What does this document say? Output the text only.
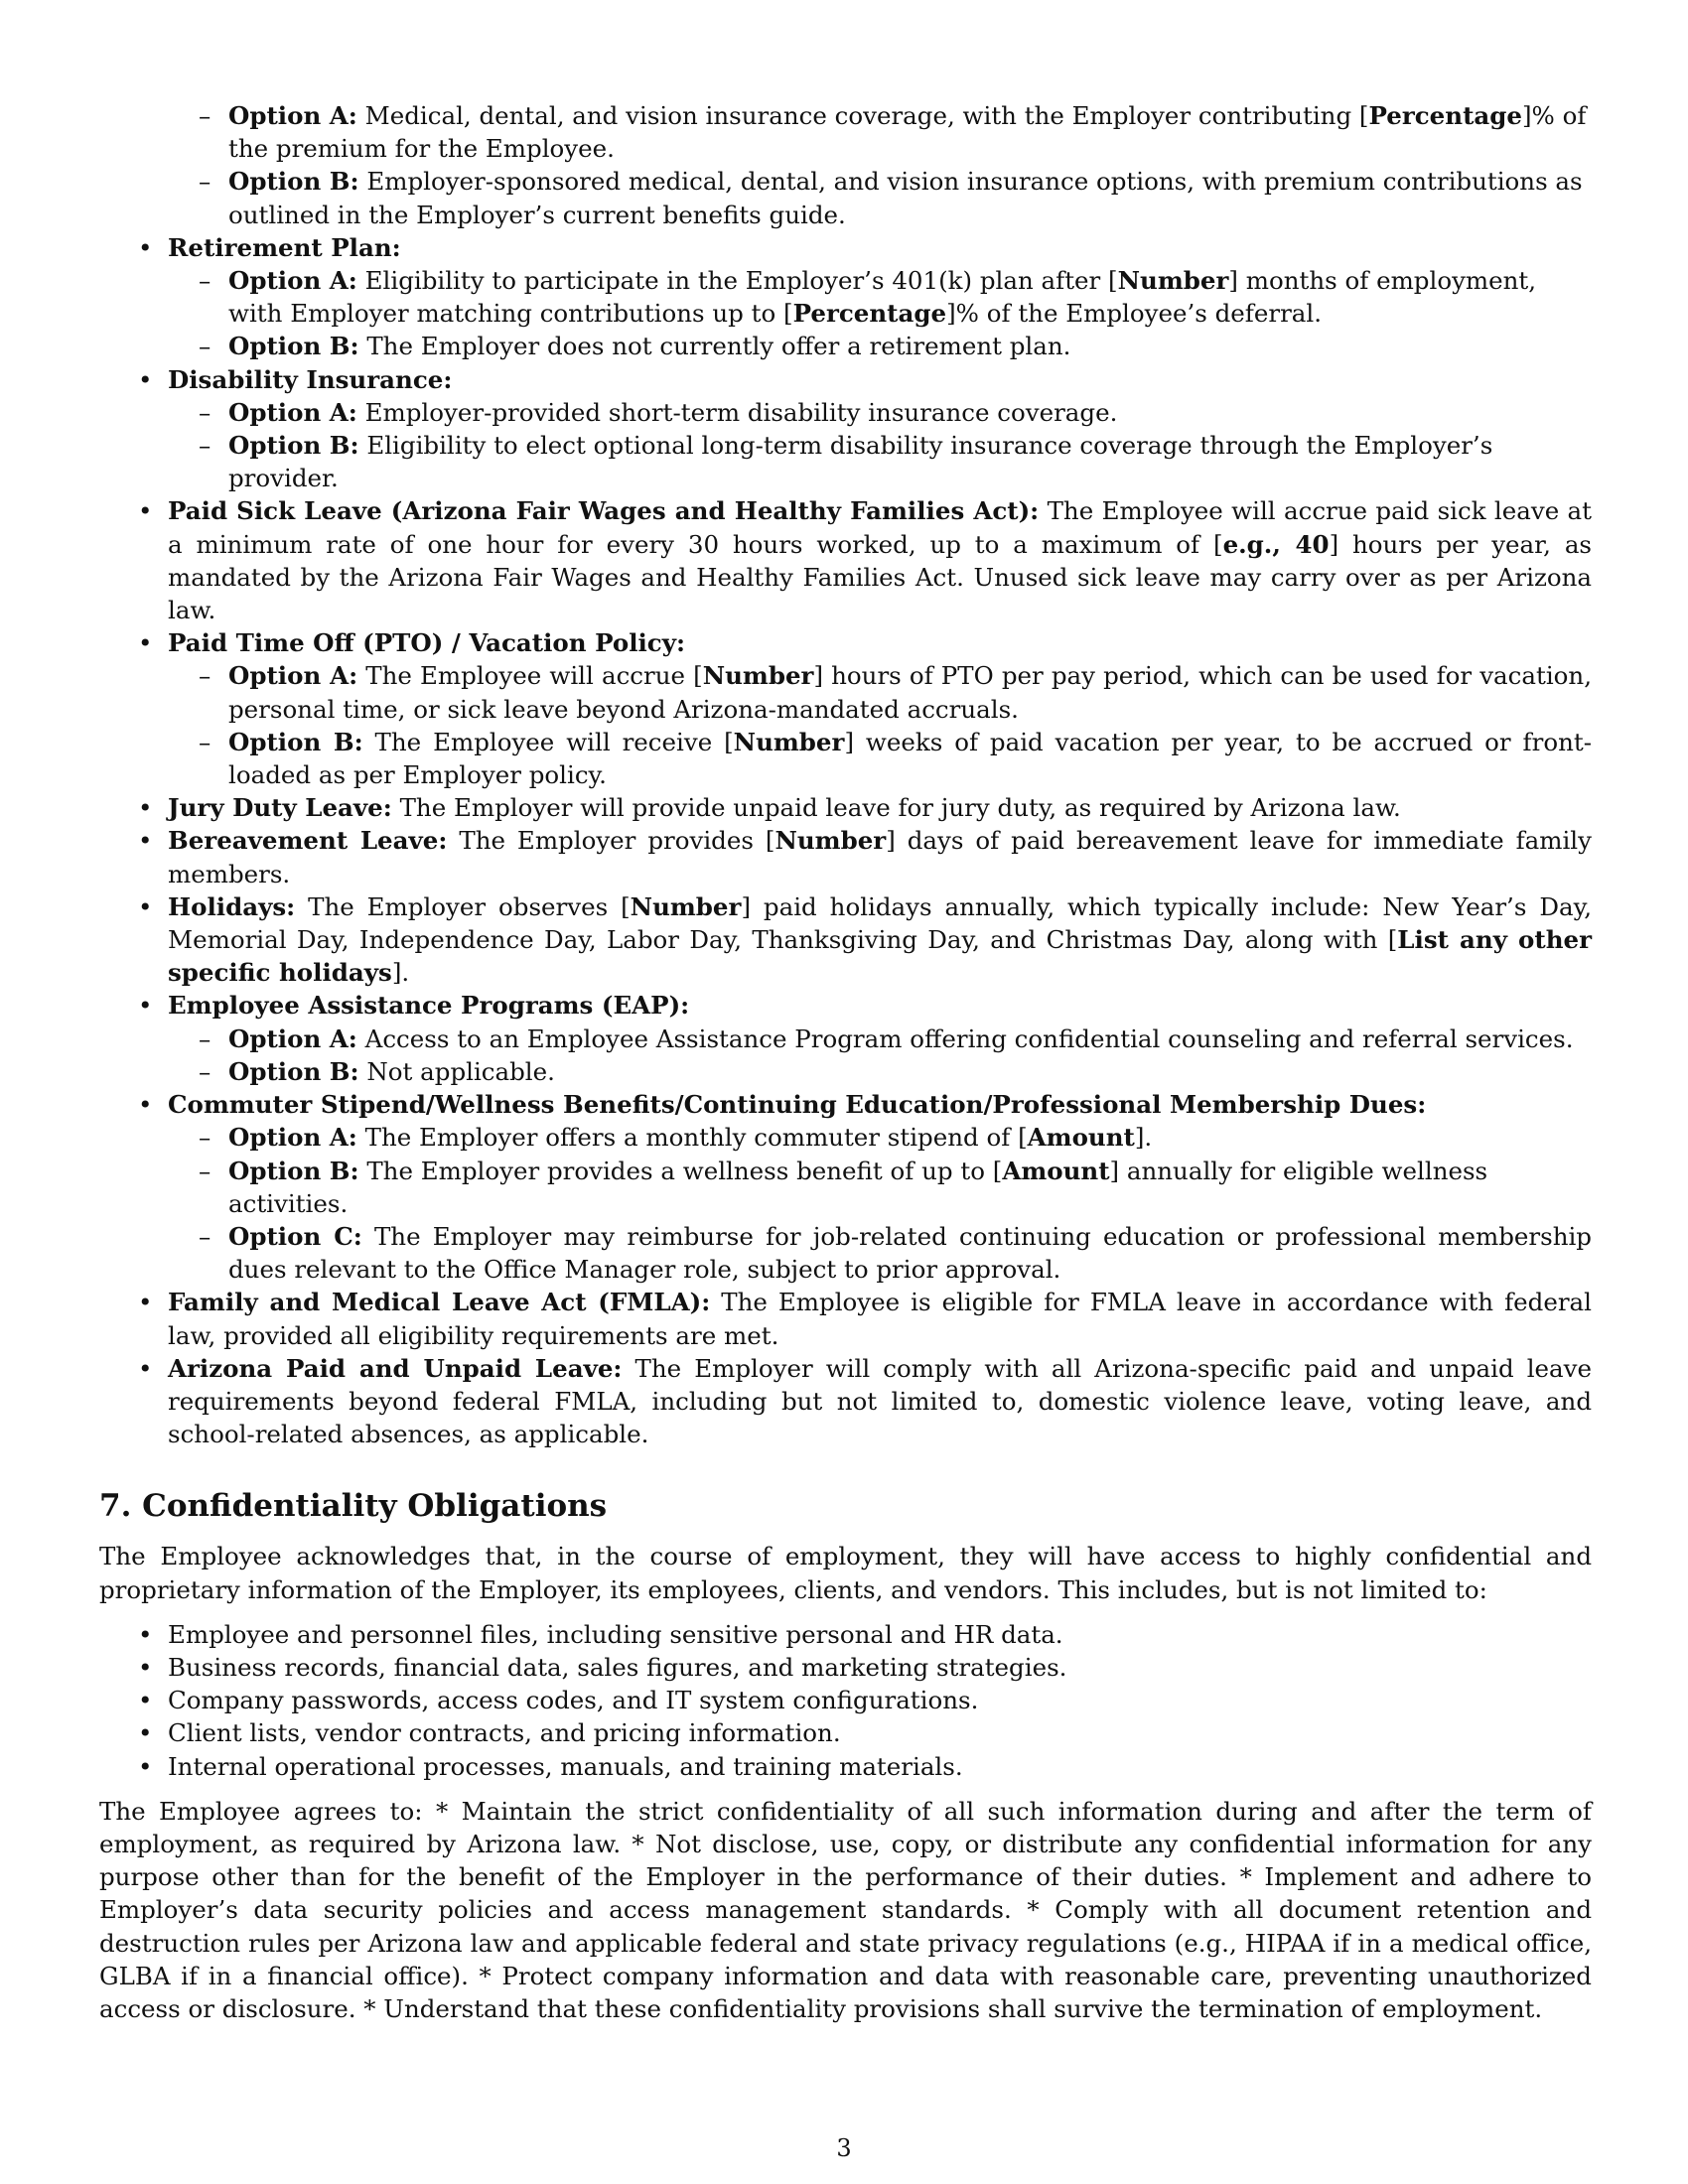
– Option A: Medical, dental, and vision insurance coverage, with the Employer contributing [Percentage]% of the premium for the Employee.
– Option B: Employer-sponsored medical, dental, and vision insurance options, with premium contributions as outlined in the Employer’s current benefits guide.
• Retirement Plan:
– Option A: Eligibility to participate in the Employer’s 401(k) plan after [Number] months of employment, with Employer matching contributions up to [Percentage]% of the Employee’s deferral.
– Option B: The Employer does not currently offer a retirement plan.
• Disability Insurance:
– Option A: Employer-provided short-term disability insurance coverage.
– Option B: Eligibility to elect optional long-term disability insurance coverage through the Employer’s provider.
• Paid Sick Leave (Arizona Fair Wages and Healthy Families Act): The Employee will accrue paid sick leave at a minimum rate of one hour for every 30 hours worked, up to a maximum of [e.g., 40] hours per year, as mandated by the Arizona Fair Wages and Healthy Families Act. Unused sick leave may carry over as per Arizona law.
• Paid Time Off (PTO) / Vacation Policy:
– Option A: The Employee will accrue [Number] hours of PTO per pay period, which can be used for vacation, personal time, or sick leave beyond Arizona-mandated accruals.
– Option B: The Employee will receive [Number] weeks of paid vacation per year, to be accrued or front-loaded as per Employer policy.
• Jury Duty Leave: The Employer will provide unpaid leave for jury duty, as required by Arizona law.
• Bereavement Leave: The Employer provides [Number] days of paid bereavement leave for immediate family members.
• Holidays: The Employer observes [Number] paid holidays annually, which typically include: New Year’s Day, Memorial Day, Independence Day, Labor Day, Thanksgiving Day, and Christmas Day, along with [List any other specific holidays].
• Employee Assistance Programs (EAP):
– Option A: Access to an Employee Assistance Program offering confidential counseling and referral services.
– Option B: Not applicable.
• Commuter Stipend/Wellness Benefits/Continuing Education/Professional Membership Dues:
– Option A: The Employer offers a monthly commuter stipend of [Amount].
– Option B: The Employer provides a wellness benefit of up to [Amount] annually for eligible wellness activities.
– Option C: The Employer may reimburse for job-related continuing education or professional membership dues relevant to the Office Manager role, subject to prior approval.
• Family and Medical Leave Act (FMLA): The Employee is eligible for FMLA leave in accordance with federal law, provided all eligibility requirements are met.
• Arizona Paid and Unpaid Leave: The Employer will comply with all Arizona-specific paid and unpaid leave requirements beyond federal FMLA, including but not limited to, domestic violence leave, voting leave, and school-related absences, as applicable.
7. Confidentiality Obligations

The Employee acknowledges that, in the course of employment, they will have access to highly confidential and proprietary information of the Employer, its employees, clients, and vendors. This includes, but is not limited to:

• Employee and personnel files, including sensitive personal and HR data.
• Business records, financial data, sales figures, and marketing strategies.
• Company passwords, access codes, and IT system configurations.
• Client lists, vendor contracts, and pricing information.
• Internal operational processes, manuals, and training materials.

The Employee agrees to: * Maintain the strict confidentiality of all such information during and after the term of employment, as required by Arizona law. * Not disclose, use, copy, or distribute any confidential information for any purpose other than for the benefit of the Employer in the performance of their duties. * Implement and adhere to Employer’s data security policies and access management standards. * Comply with all document retention and destruction rules per Arizona law and applicable federal and state privacy regulations (e.g., HIPAA if in a medical office, GLBA if in a financial office). * Protect company information and data with reasonable care, preventing unauthorized access or disclosure. * Understand that these confidentiality provisions shall survive the termination of employment.

3
